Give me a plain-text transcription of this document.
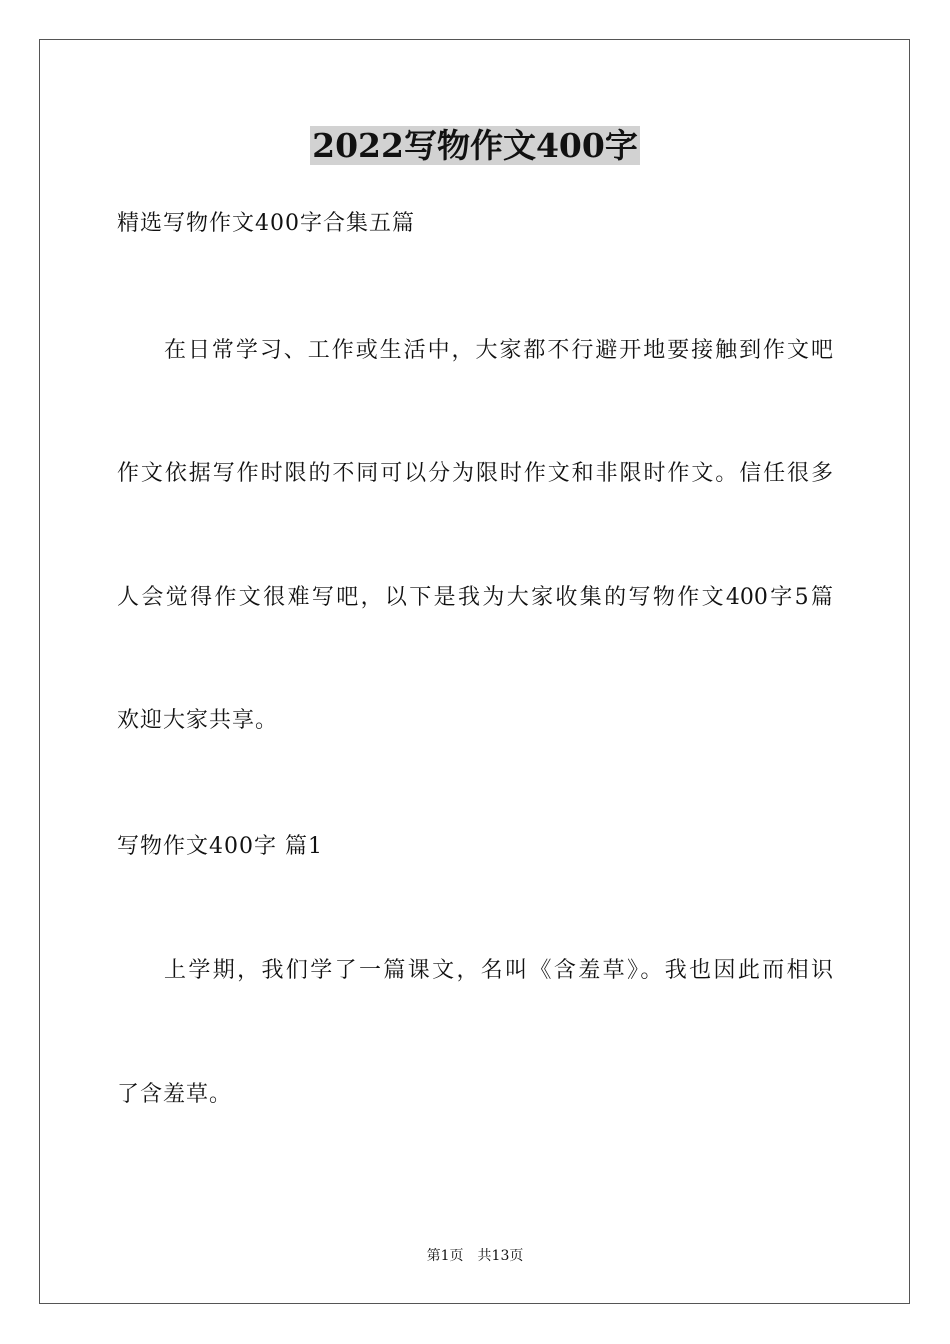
2022写物作文400字
精选写物作文400字合集五篇
在日常学习、工作或生活中，大家都不行避开地要接触到作文吧
作文依据写作时限的不同可以分为限时作文和非限时作文。信任很多
人会觉得作文很难写吧，以下是我为大家收集的写物作文400字5篇
欢迎大家共享。
写物作文400字 篇1
上学期，我们学了一篇课文，名叫《含羞草》。我也因此而相识
了含羞草。
第1页 共13页
